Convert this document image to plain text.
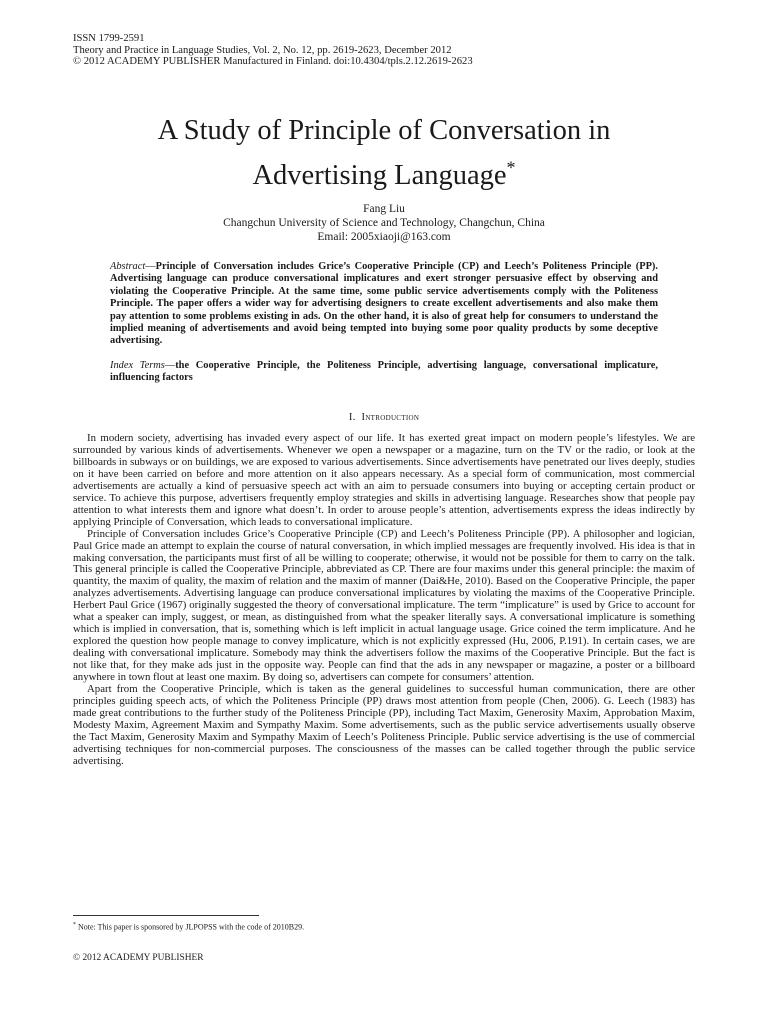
ISSN 1799-2591
Theory and Practice in Language Studies, Vol. 2, No. 12, pp. 2619-2623, December 2012
© 2012 ACADEMY PUBLISHER Manufactured in Finland. doi:10.4304/tpls.2.12.2619-2623
A Study of Principle of Conversation in
Advertising Language*
Fang Liu
Changchun University of Science and Technology, Changchun, China
Email: 2005xiaoji@163.com
Abstract—Principle of Conversation includes Grice’s Cooperative Principle (CP) and Leech’s Politeness Principle (PP). Advertising language can produce conversational implicatures and exert stronger persuasive effect by observing and violating the Cooperative Principle. At the same time, some public service advertisements comply with the Politeness Principle. The paper offers a wider way for advertising designers to create excellent advertisements and also make them pay attention to some problems existing in ads. On the other hand, it is also of great help for consumers to understand the implied meaning of advertisements and avoid being tempted into buying some poor quality products by some deceptive advertising.
Index Terms—the Cooperative Principle, the Politeness Principle, advertising language, conversational implicature, influencing factors
I. Introduction

In modern society, advertising has invaded every aspect of our life. It has exerted great impact on modern people’s lifestyles. We are surrounded by various kinds of advertisements. Whenever we open a newspaper or a magazine, turn on the TV or the radio, or look at the billboards in subways or on buildings, we are exposed to various advertisements. Since advertisements have penetrated our lives deeply, studies on it have been carried on before and more attention on it also appears necessary. As a special form of communication, most commercial advertisements are actually a kind of persuasive speech act with an aim to persuade consumers into buying or accepting certain product or service. To achieve this purpose, advertisers frequently employ strategies and skills in advertising language. Researches show that people pay attention to what interests them and ignore what doesn’t. In order to arouse people’s attention, advertisements express the ideas indirectly by applying Principle of Conversation, which leads to conversational implicature.

Principle of Conversation includes Grice’s Cooperative Principle (CP) and Leech’s Politeness Principle (PP). A philosopher and logician, Paul Grice made an attempt to explain the course of natural conversation, in which implied messages are frequently involved. His idea is that in making conversation, the participants must first of all be willing to cooperate; otherwise, it would not be possible for them to carry on the talk. This general principle is called the Cooperative Principle, abbreviated as CP. There are four maxims under this general principle: the maxim of quantity, the maxim of quality, the maxim of relation and the maxim of manner (Dai&He, 2010). Based on the Cooperative Principle, the paper analyzes advertisements. Advertising language can produce conversational implicatures by violating the maxims of the Cooperative Principle. Herbert Paul Grice (1967) originally suggested the theory of conversational implicature. The term “implicature” is used by Grice to account for what a speaker can imply, suggest, or mean, as distinguished from what the speaker literally says. A conversational implicature is something which is implied in conversation, that is, something which is left implicit in actual language usage. Grice coined the term implicature. And he explored the question how people manage to convey implicature, which is not explicitly expressed (Hu, 2006, P.191). In certain cases, we are dealing with conversational implicature. Somebody may think the advertisers follow the maxims of the Cooperative Principle. But the fact is not like that, for they make ads just in the opposite way. People can find that the ads in any newspaper or magazine, a poster or a billboard anywhere in town flout at least one maxim. By doing so, advertisers can compete for consumers’ attention.

Apart from the Cooperative Principle, which is taken as the general guidelines to successful human communication, there are other principles guiding speech acts, of which the Politeness Principle (PP) draws most attention from people (Chen, 2006). G. Leech (1983) has made great contributions to the further study of the Politeness Principle (PP), including Tact Maxim, Generosity Maxim, Approbation Maxim, Modesty Maxim, Agreement Maxim and Sympathy Maxim. Some advertisements, such as the public service advertisements usually observe the Tact Maxim, Generosity Maxim and Sympathy Maxim of Leech’s Politeness Principle. Public service advertising is the use of commercial advertising techniques for non-commercial purposes. The consciousness of the masses can be called together through the public service advertising.

* Note: This paper is sponsored by JLPOPSS with the code of 2010B29.
© 2012 ACADEMY PUBLISHER
